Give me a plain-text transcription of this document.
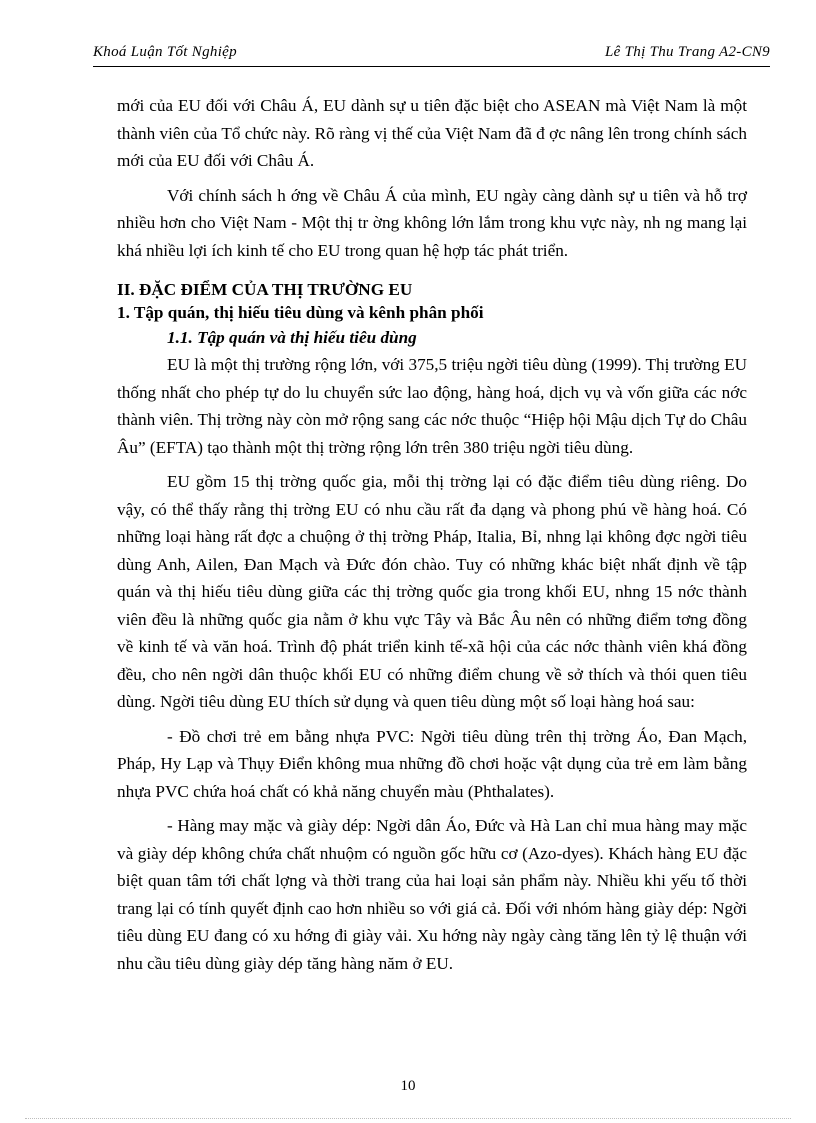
Khoá Luận Tốt Nghiệp	Lê Thị Thu Trang A2-CN9

mới của EU đối với Châu Á, EU dành sự u tiên đặc biệt cho ASEAN mà Việt Nam là một thành viên của Tổ chức này. Rõ ràng vị thế của Việt Nam đã đ ợc nâng lên trong chính sách mới của EU đối với Châu Á.

Với chính sách h ớng về Châu Á của mình, EU ngày càng dành sự u tiên và hỗ trợ nhiều hơn cho Việt Nam - Một thị tr ờng không lớn lắm trong khu vực này, nh ng mang lại khá nhiều lợi ích kinh tế cho EU trong quan hệ hợp tác phát triển.

II. ĐẶC ĐIỂM CỦA THỊ TRƯỜNG EU

1. Tập quán, thị hiếu tiêu dùng và kênh phân phối

1.1. Tập quán và thị hiếu tiêu dùng

EU là một thị trường rộng lớn, với 375,5 triệu ngời tiêu dùng (1999). Thị trường EU thống nhất cho phép tự do lu chuyển sức lao động, hàng hoá, dịch vụ và vốn giữa các nớc thành viên. Thị trờng này còn mở rộng sang các nớc thuộc “Hiệp hội Mậu dịch Tự do Châu Âu” (EFTA) tạo thành một thị trờng rộng lớn trên 380 triệu ngời tiêu dùng.

EU gồm 15 thị trờng quốc gia, mỗi thị trờng lại có đặc điểm tiêu dùng riêng. Do vậy, có thể thấy rằng thị trờng EU có nhu cầu rất đa dạng và phong phú về hàng hoá. Có những loại hàng rất đợc a chuộng ở thị trờng Pháp, Italia, Bỉ, nhng lại không đợc ngời tiêu dùng Anh, Ailen, Đan Mạch và Đức đón chào. Tuy có những khác biệt nhất định về tập quán và thị hiếu tiêu dùng giữa các thị trờng quốc gia trong khối EU, nhng 15 nớc thành viên đều là những quốc gia nằm ở khu vực Tây và Bắc Âu nên có những điểm tơng đồng về kinh tế và văn hoá. Trình độ phát triển kinh tế-xã hội của các nớc thành viên khá đồng đều, cho nên ngời dân thuộc khối EU có những điểm chung về sở thích và thói quen tiêu dùng. Ngời tiêu dùng EU thích sử dụng và quen tiêu dùng một số loại hàng hoá sau:

- Đồ chơi trẻ em bằng nhựa PVC: Ngời tiêu dùng trên thị trờng Áo, Đan Mạch, Pháp, Hy Lạp và Thụy Điển không mua những đồ chơi hoặc vật dụng của trẻ em làm bằng nhựa PVC chứa hoá chất có khả năng chuyển màu (Phthalates).

- Hàng may mặc và giày dép: Ngời dân Áo, Đức và Hà Lan chỉ mua hàng may mặc và giày dép không chứa chất nhuộm có nguồn gốc hữu cơ (Azo-dyes). Khách hàng EU đặc biệt quan tâm tới chất lợng và thời trang của hai loại sản phẩm này. Nhiều khi yếu tố thời trang lại có tính quyết định cao hơn nhiều so với giá cả. Đối với nhóm hàng giày dép: Ngời tiêu dùng EU đang có xu hớng đi giày vải. Xu hớng này ngày càng tăng lên tỷ lệ thuận với nhu cầu tiêu dùng giày dép tăng hàng năm ở EU.

10
